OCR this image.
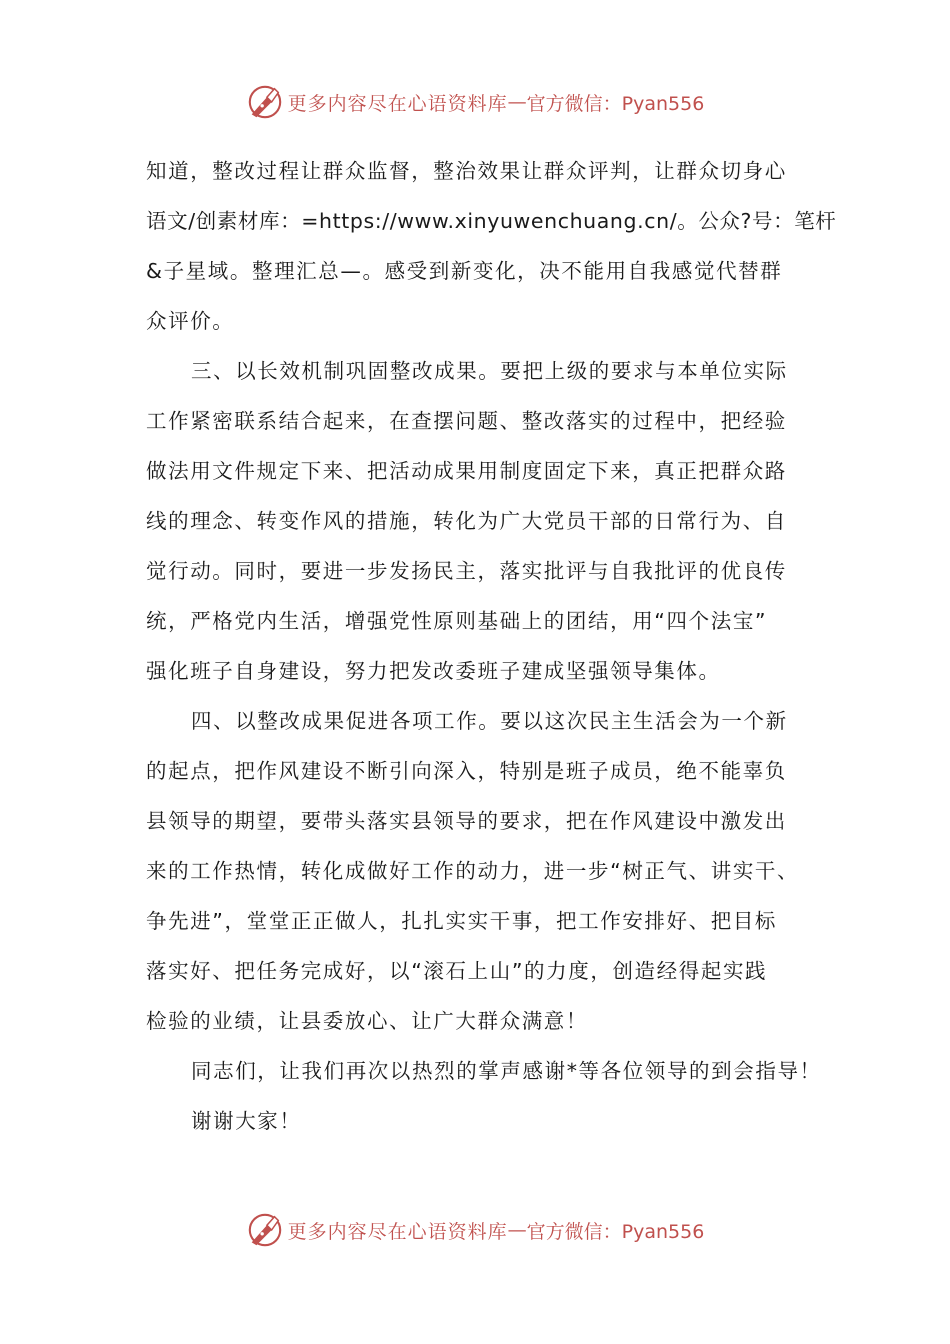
更多内容尽在心语资料库 — 官方微信：Pyan556
知道，整改过程让群众监督，整治效果让群众评判，让群众切身心
语文/创素材库：=https://www.xinyuwenchuang.cn/。公众?号：笔杆
&子星域。整理汇总—。感受到新变化，决不能用自我感觉代替群
众评价。
三、以长效机制巩固整改成果。要把上级的要求与本单位实际
工作紧密联系结合起来，在查摆问题、整改落实的过程中，把经验
做法用文件规定下来、把活动成果用制度固定下来，真正把群众路
线的理念、转变作风的措施，转化为广大党员干部的日常行为、自
觉行动。同时，要进一步发扬民主，落实批评与自我批评的优良传
统，严格党内生活，增强党性原则基础上的团结，用“四个法宝”
强化班子自身建设，努力把发改委班子建成坚强领导集体。
四、以整改成果促进各项工作。要以这次民主生活会为一个新
的起点，把作风建设不断引向深入，特别是班子成员，绝不能辜负
县领导的期望，要带头落实县领导的要求，把在作风建设中激发出
来的工作热情，转化成做好工作的动力，进一步“树正气、讲实干、
争先进”，堂堂正正做人，扎扎实实干事，把工作安排好、把目标
落实好、把任务完成好，以“滚石上山”的力度，创造经得起实践
检验的业绩，让县委放心、让广大群众满意！
同志们，让我们再次以热烈的掌声感谢*等各位领导的到会指导！
谢谢大家！
更多内容尽在心语资料库 — 官方微信：Pyan556
